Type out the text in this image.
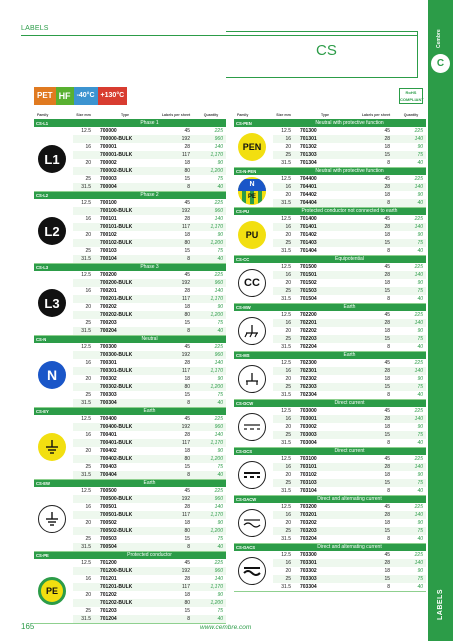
LABELS
CS
C
Cembre
LABELS
PET HF -40°C +130°C	RoHS
COMPLIANT
Family	Size mm	Type	Labels per sheet	Quantity
CS-L1	Phase 1
L1
12.5	700000	45	225
700000-BULK	192	960
16	700001	28	140
700001-BULK	117	1,170
20	700002	18	90
700002-BULK	80	1,200
25	700003	15	75
31.5	700004	8	40
CS-L2	Phase 2
L2
12.5	700100	45	225
700100-BULK	192	960
16	700101	28	140
700101-BULK	117	1,170
20	700102	18	90
700102-BULK	80	1,200
25	700103	15	75
31.5	700104	8	40
CS-L3	Phase 3
L3
12.5	700200	45	225
700200-BULK	192	960
16	700201	28	140
700201-BULK	117	1,170
20	700202	18	90
700202-BULK	80	1,200
25	700203	15	75
31.5	700204	8	40
CS-N	Neutral
N
12.5	700300	45	225
700300-BULK	192	960
16	700301	28	140
700301-BULK	117	1,170
20	700302	18	90
700302-BULK	80	1,200
25	700303	15	75
31.5	700304	8	40
CS-EY	Earth
12.5	700400	45	225
700400-BULK	192	960
16	700401	28	140
700401-BULK	117	1,170
20	700402	18	90
700402-BULK	80	1,200
25	700403	15	75
31.5	700404	8	40
CS-EW	Earth
12.5	700500	45	225
700500-BULK	192	960
16	700501	28	140
700501-BULK	117	1,170
20	700502	18	90
700502-BULK	80	1,200
25	700503	15	75
31.5	700504	8	40
CS-PE	Protected conductor
PE
12.5	701200	45	225
701200-BULK	192	960
16	701201	28	140
701201-BULK	117	1,170
20	701202	18	90
701202-BULK	80	1,200
25	701203	15	75
31.5	701204	8	40
Family	Size mm	Type	Labels per sheet	Quantity
CS-PEN	Neutral with protective function
PEN
12.5	701300	45	225
16	701301	28	140
20	701302	18	90
25	701303	15	75
31.5	701304	8	40
CS-N-PEN	Neutral with protective function
N
PE
12.5	704400	45	225
16	704401	28	140
20	704402	18	90
31.5	704404	8	40
CS-PU	Protected conductor not connected to earth
PU
12.5	701400	45	225
16	701401	28	140
20	701402	18	90
25	701403	15	75
31.5	701404	8	40
CS-CC	Equipotential
CC
12.5	701500	45	225
16	701501	28	140
20	701502	18	90
25	701503	15	75
31.5	701504	8	40
CS-MW	Earth
12.5	702200	45	225
16	702201	28	140
20	702202	18	90
25	702203	15	75
31.5	702204	8	40
CS-MS	Earth
12.5	702300	45	225
16	702301	28	140
20	702302	18	90
25	702303	15	75
31.5	702304	8	40
CS-DCW	Direct current
12.5	703000	45	225
16	703001	28	140
20	703002	18	90
25	703003	15	75
31.5	703004	8	40
CS-DCS	Direct current
12.5	703100	45	225
16	703101	28	140
20	703102	18	90
25	703103	15	75
31.5	703104	8	40
CS-DACW	Direct and alternating current
12.5	703200	45	225
16	703201	28	140
20	703202	18	90
25	703203	15	75
31.5	703204	8	40
CS-DACS	Direct and alternating current
12.5	703300	45	225
16	703301	28	140
20	703302	18	90
25	703303	15	75
31.5	703304	8	40
165	www.cembre.com
